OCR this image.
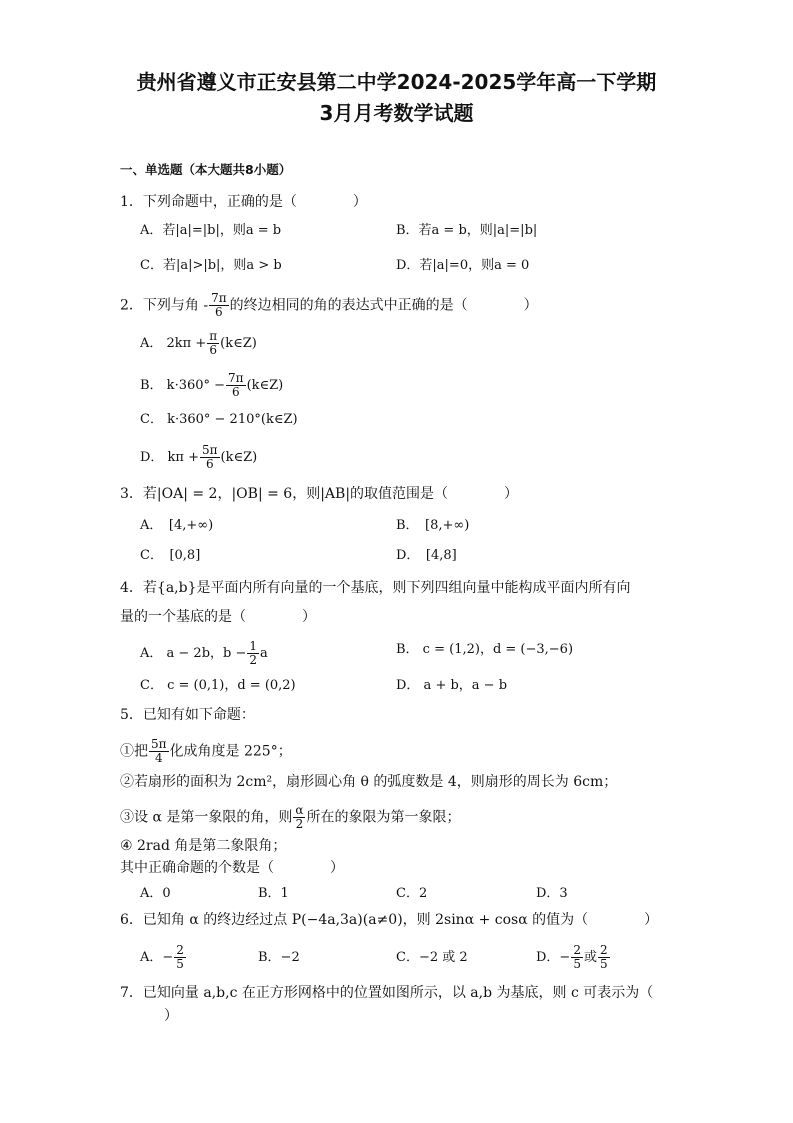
贵州省遵义市正安县第二中学2024-2025学年高一下学期
3月月考数学试题
一、单选题（本大题共8小题）
1．下列命题中，正确的是（　　　　）
A．若|a|=|b|，则a = b	B．若a = b，则|a|=|b|
C．若|a|>|b|，则a > b	D．若|a|=0，则a = 0
2．下列与角 - $\frac{7\pi}{6}$ 的终边相同的角的表达式中正确的是（　　　　）
A． $2k\pi + \frac{\pi}{6}$ (k∈Z)
B． $k\cdot 360^\circ - \frac{7\pi}{6}$ (k∈Z)
C． k·360° − 210°(k∈Z)
D． $k\pi + \frac{5\pi}{6}$ (k∈Z)
3．若|OA| = 2，|OB| = 6，则|AB|的取值范围是（　　　　）
A．　[4,+∞)	B．　[8,+∞)
C．　[0,8]	D．　[4,8]
4．若{a,b}是平面内所有向量的一个基底，则下列四组向量中能构成平面内所有向
量的一个基底的是（　　　　）
A． a − 2b，$b - \frac{1}{2}$ a	B． c = (1,2)，d = (−3,−6)
C． c = (0,1)，d = (0,2)	D． a + b，a − b
5．已知有如下命题：
①把 $\frac{5\pi}{4}$ 化成角度是 225°；
②若扇形的面积为 2cm²，扇形圆心角 θ 的弧度数是 4，则扇形的周长为 6cm；
③设 α 是第一象限的角，则 $\frac{\alpha}{2}$ 所在的象限为第一象限；
④ 2rad 角是第二象限角；
其中正确命题的个数是（　　　　）
A．0	B．1	C．2	D．3
6．已知角 α 的终边经过点 P(−4a,3a)(a≠0)，则 2sinα + cosα 的值为（　　　　）
A．− $\frac{2}{5}$	B．−2	C．−2 或 2	D．− $\frac{2}{5}$ 或 $\frac{2}{5}$
7．已知向量 a,b,c 在正方形网格中的位置如图所示，以 a,b 为基底，则 c 可表示为（
）
